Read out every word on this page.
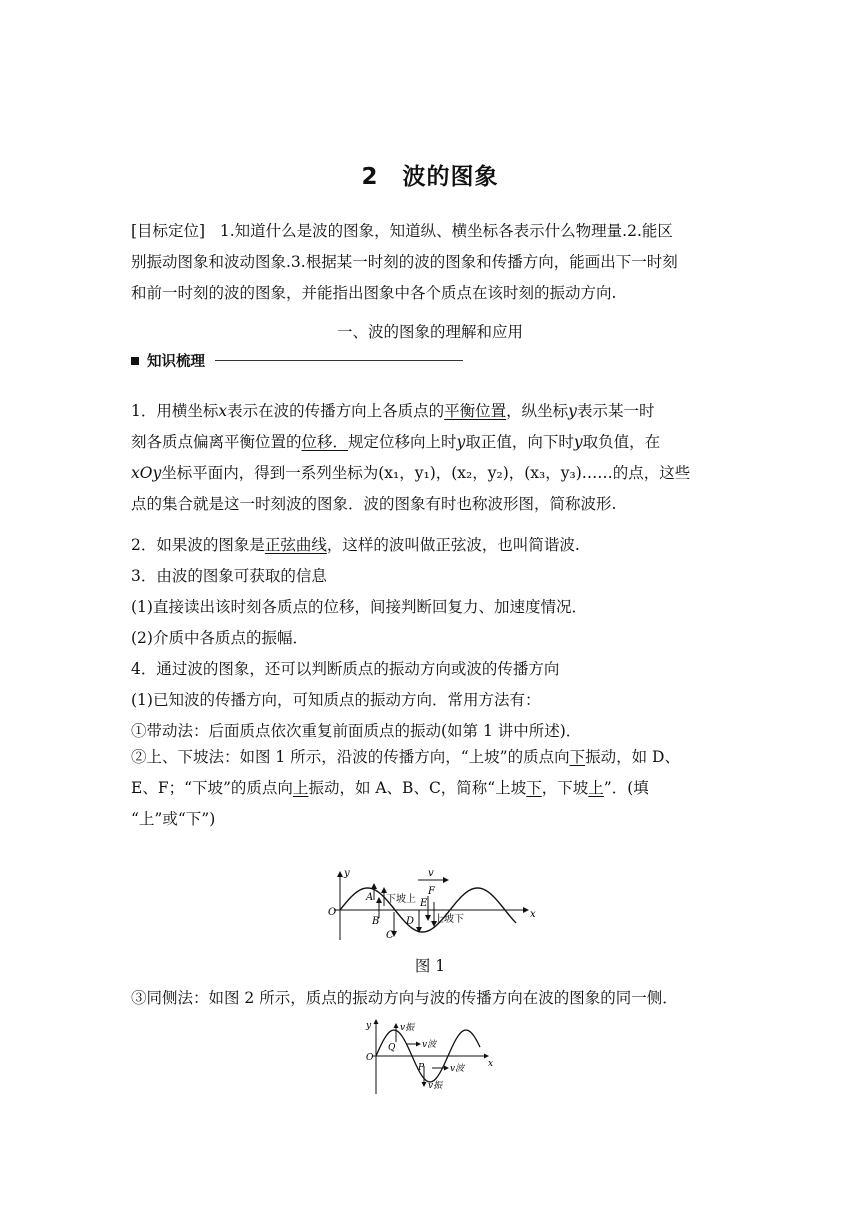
2　波的图象
[目标定位] 1.知道什么是波的图象，知道纵、横坐标各表示什么物理量.2.能区
别振动图象和波动图象.3.根据某一时刻的波的图象和传播方向，能画出下一时刻
和前一时刻的波的图象，并能指出图象中各个质点在该时刻的振动方向.
一、波的图象的理解和应用
知识梳理
1．用横坐标x表示在波的传播方向上各质点的平衡位置，纵坐标y表示某一时
刻各质点偏离平衡位置的位移．规定位移向上时y取正值，向下时y取负值，在
xOy坐标平面内，得到一系列坐标为(x₁，y₁)，(x₂，y₂)，(x₃，y₃)……的点，这些
点的集合就是这一时刻波的图象．波的图象有时也称波形图，简称波形.
2．如果波的图象是正弦曲线，这样的波叫做正弦波，也叫简谐波.
3．由波的图象可获取的信息
(1)直接读出该时刻各质点的位移，间接判断回复力、加速度情况．
(2)介质中各质点的振幅．
4．通过波的图象，还可以判断质点的振动方向或波的传播方向
(1)已知波的传播方向，可知质点的振动方向．常用方法有：
①带动法：后面质点依次重复前面质点的振动(如第 1 讲中所述)．
②上、下坡法：如图 1 所示，沿波的传播方向，“上坡”的质点向下振动，如 D、
E、F；“下坡”的质点向上振动，如 A、B、C，简称“上坡下，下坡上”．(填
“上”或“下”)
y
x
O
v
A
B
C
D
E
F
下坡上
上坡下
图 1
③同侧法：如图 2 所示，质点的振动方向与波的传播方向在波的图象的同一侧．
y
x
O
Q
P
v振
v波
v振
v波
